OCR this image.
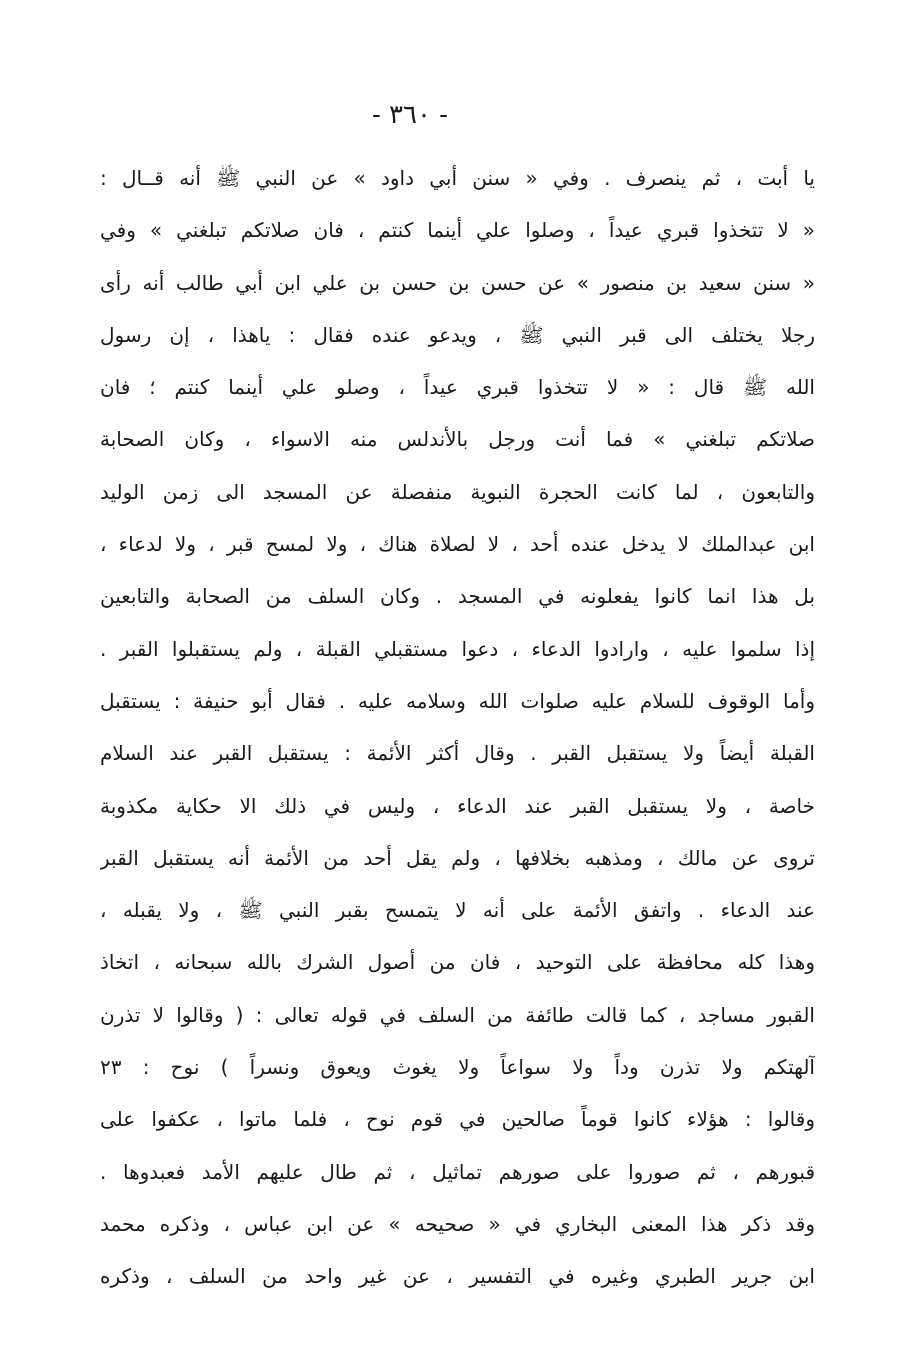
- ٣٦٠ -
يا أبت ، ثم ينصرف . وفي « سنن أبي داود » عن النبي ﷺ أنه قــال :
« لا تتخذوا قبري عيداً ، وصلوا علي أينما كنتم ، فان صلاتكم تبلغني » وفي
« سنن سعيد بن منصور » عن حسن بن حسن بن علي ابن أبي طالب أنه رأى
رجلا يختلف الى قبر النبي ﷺ ، ويدعو عنده فقال : ياهذا ، إن رسول
الله ﷺ قال : « لا تتخذوا قبري عيداً ، وصلو علي أينما كنتم ؛ فان
صلاتكم تبلغني » فما أنت ورجل بالأندلس منه الاسواء ، وكان الصحابة
والتابعون ، لما كانت الحجرة النبوية منفصلة عن المسجد الى زمن الوليد
ابن عبدالملك لا يدخل عنده أحد ، لا لصلاة هناك ، ولا لمسح قبر ، ولا لدعاء ،
بل هذا انما كانوا يفعلونه في المسجد . وكان السلف من الصحابة والتابعين
إذا سلموا عليه ، وارادوا الدعاء ، دعوا مستقبلي القبلة ، ولم يستقبلوا القبر .
وأما الوقوف للسلام عليه صلوات الله وسلامه عليه . فقال أبو حنيفة : يستقبل
القبلة أيضاً ولا يستقبل القبر . وقال أكثر الأئمة : يستقبل القبر عند السلام
خاصة ، ولا يستقبل القبر عند الدعاء ، وليس في ذلك الا حكاية مكذوبة
تروى عن مالك ، ومذهبه بخلافها ، ولم يقل أحد من الأئمة أنه يستقبل القبر
عند الدعاء . واتفق الأئمة على أنه لا يتمسح بقبر النبي ﷺ ، ولا يقبله ،
وهذا كله محافظة على التوحيد ، فان من أصول الشرك بالله سبحانه ، اتخاذ
القبور مساجد ، كما قالت طائفة من السلف في قوله تعالى : ( وقالوا لا تذرن
آلهتكم ولا تذرن وداً ولا سواعاً ولا يغوث ويعوق ونسراً ) نوح : ٢٣
وقالوا : هؤلاء كانوا قوماً صالحين في قوم نوح ، فلما ماتوا ، عكفوا على
قبورهم ، ثم صوروا على صورهم تماثيل ، ثم طال عليهم الأمد فعبدوها .
وقد ذكر هذا المعنى البخاري في « صحيحه » عن ابن عباس ، وذكره محمد
ابن جرير الطبري وغيره في التفسير ، عن غير واحد من السلف ، وذكره
